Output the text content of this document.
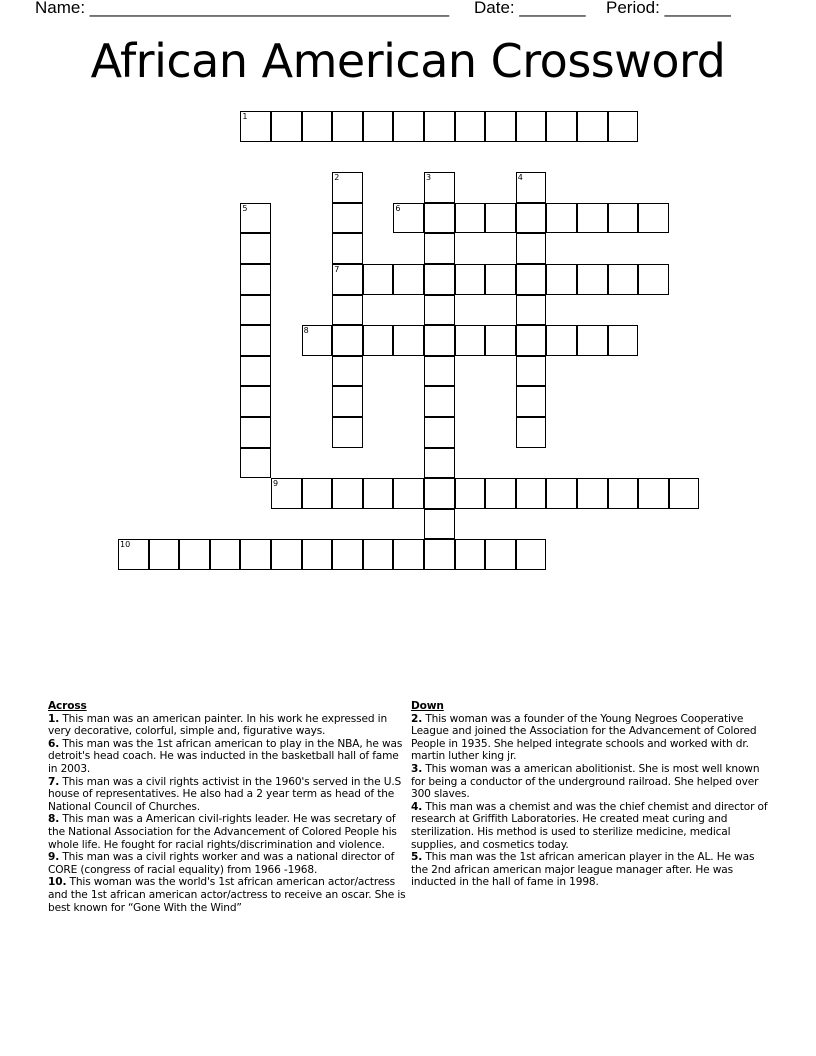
Name: ______________________________________ Date: _______ Period: _______
African American Crossword
1
2
7
3	4
5	6
8
9
10
Across
1. This man was an american painter. In his work he expressed in very decorative, colorful, simple and, figurative ways.
6. This man was the 1st african american to play in the NBA, he was detroit's head coach. He was inducted in the basketball hall of fame in 2003.
7. This man was a civil rights activist in the 1960's served in the U.S house of representatives. He also had a 2 year term as head of the National Council of Churches.
8. This man was a American civil-rights leader. He was secretary of the National Association for the Advancement of Colored People his whole life. He fought for racial rights/discrimination and violence.
9. This man was a civil rights worker and was a national director of CORE (congress of racial equality) from 1966 -1968.
10. This woman was the world's 1st african american actor/actress and the 1st african american actor/actress to receive an oscar. She is best known for “Gone With the Wind”
Down
2. This woman was a founder of the Young Negroes Cooperative League and joined the Association for the Advancement of Colored People in 1935. She helped integrate schools and worked with dr. martin luther king jr.
3. This woman was a american abolitionist. She is most well known for being a conductor of the underground railroad. She helped over 300 slaves.
4. This man was a chemist and was the chief chemist and director of research at Griffith Laboratories. He created meat curing and sterilization. His method is used to sterilize medicine, medical supplies, and cosmetics today.
5. This man was the 1st african american player in the AL. He was the 2nd african american major league manager after. He was inducted in the hall of fame in 1998.
